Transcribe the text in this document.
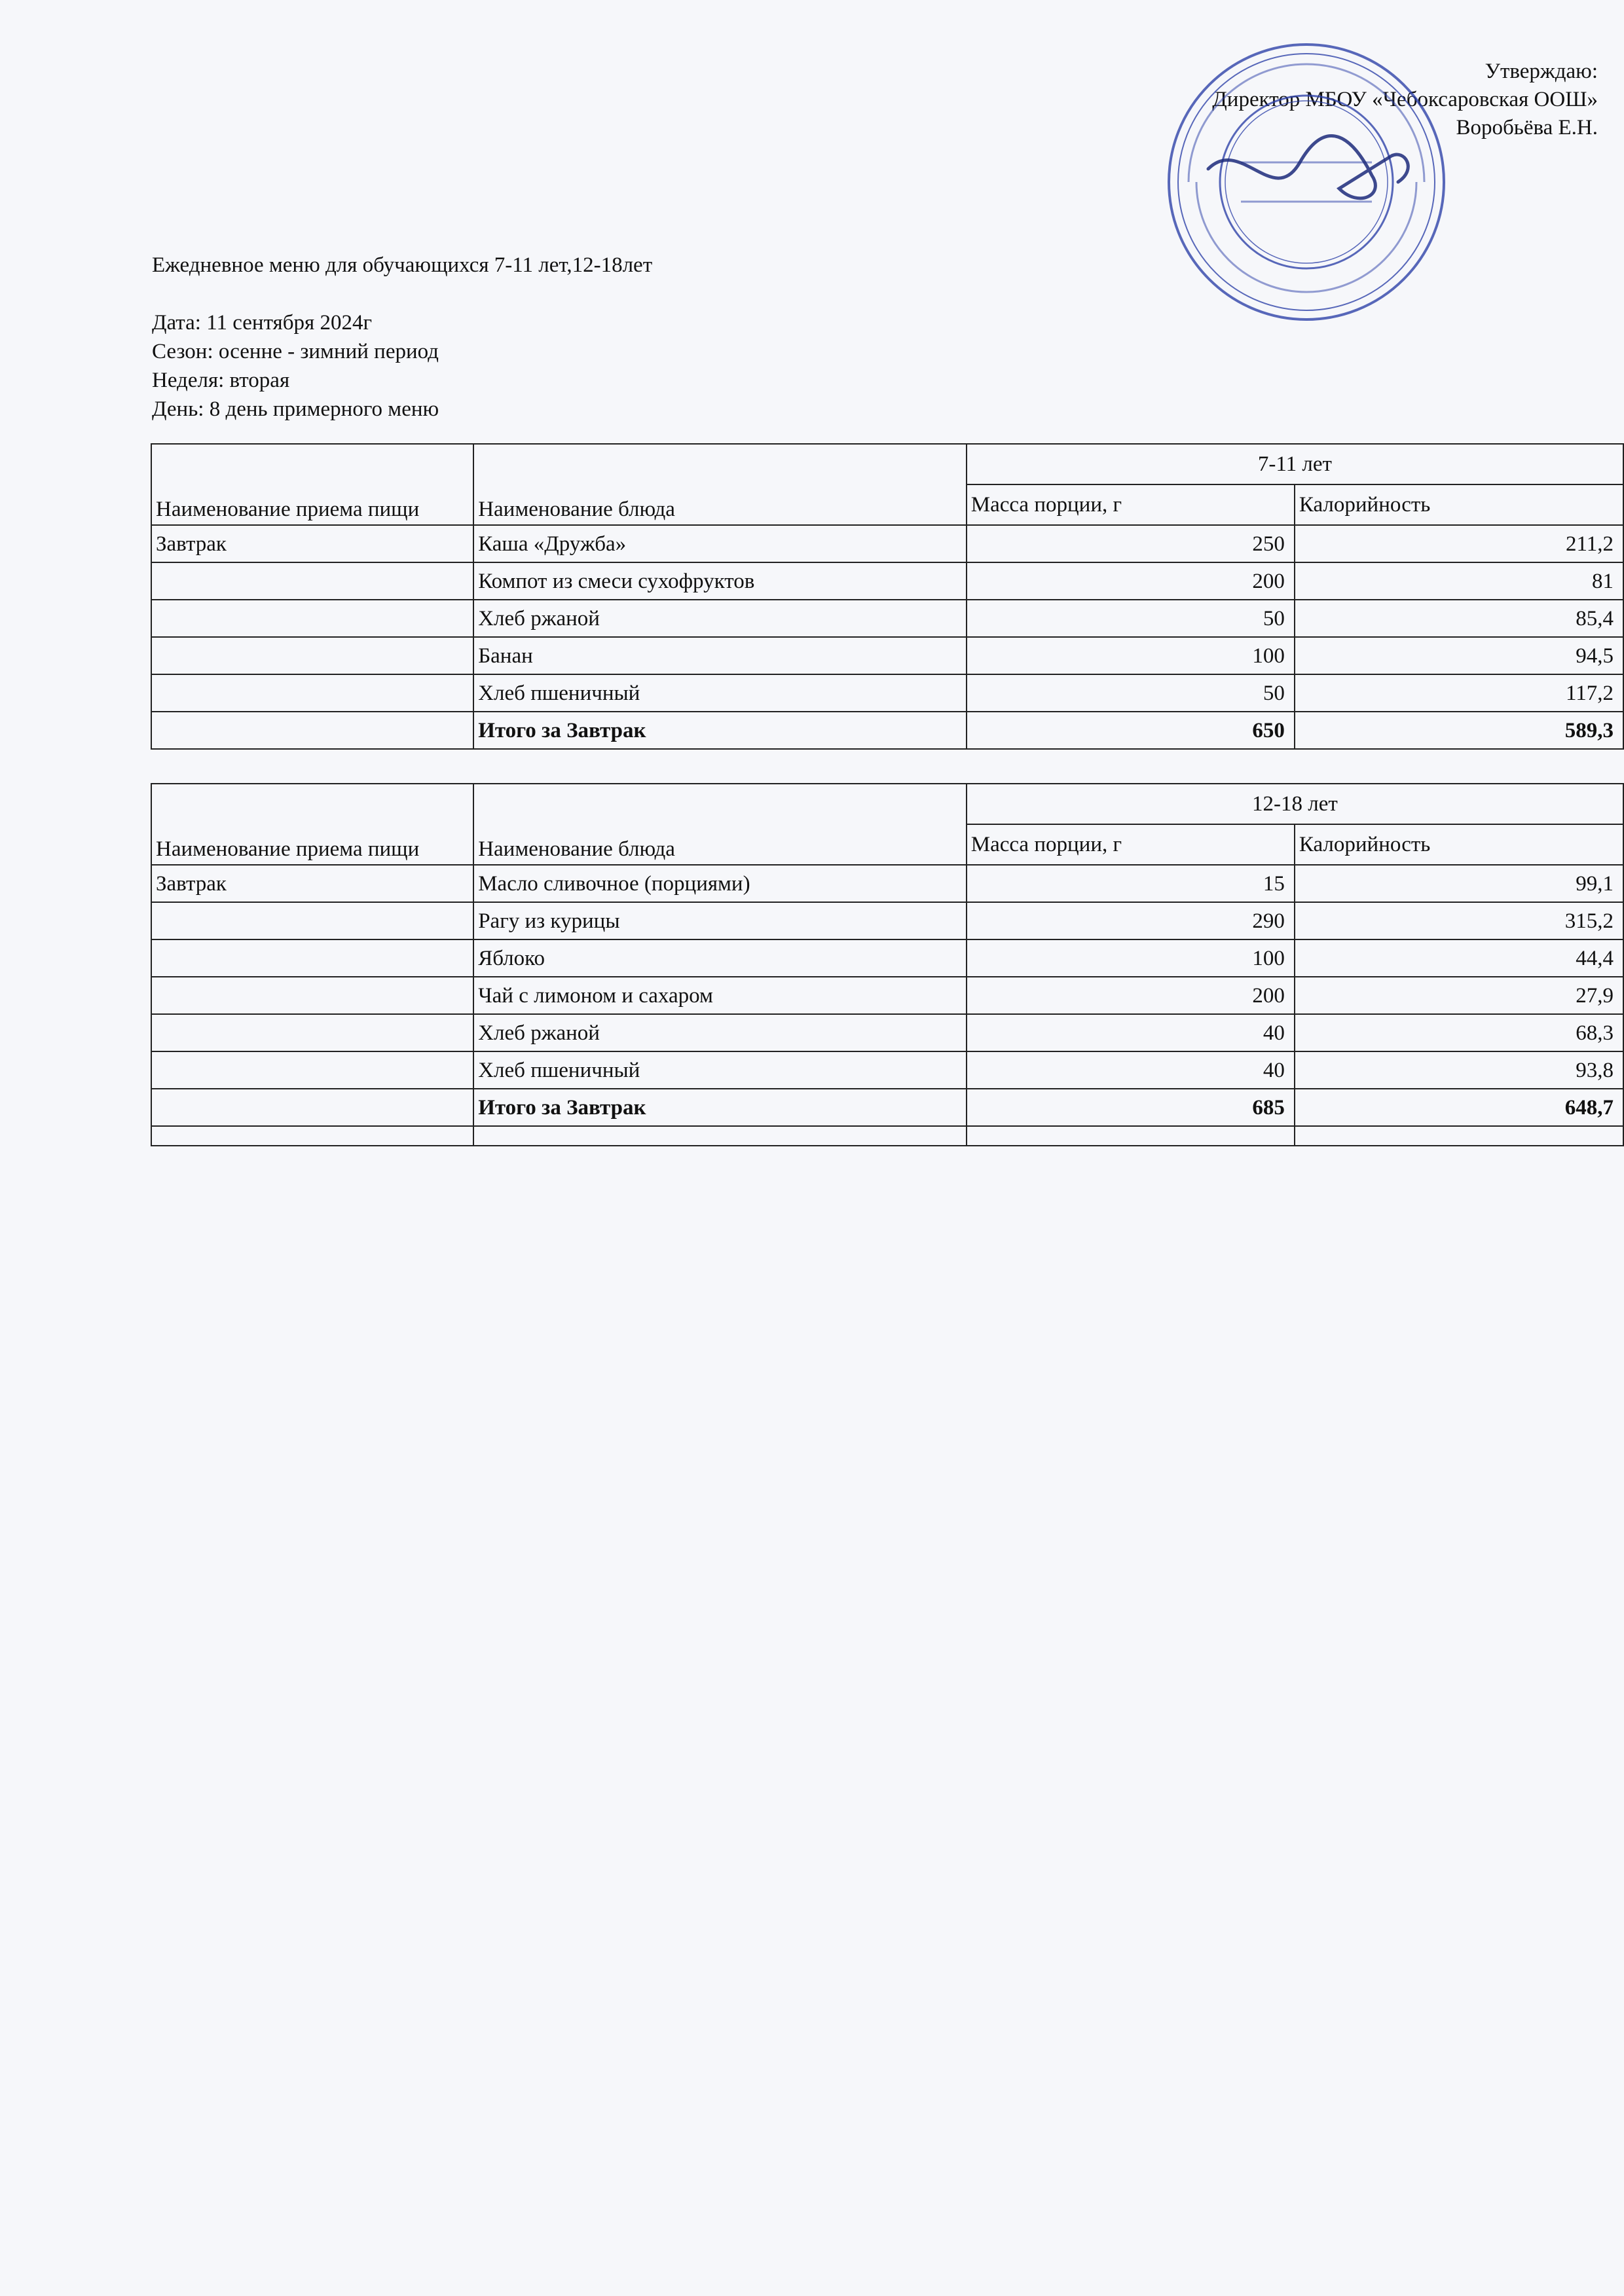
Утверждаю:
Директор МБОУ «Чебоксаровская ООШ»
Воробьёва Е.Н.
Ежедневное меню для обучающихся 7-11 лет,12-18лет
Дата: 11 сентября 2024г
Сезон: осенне - зимний период
Неделя: вторая
День: 8 день примерного меню
Наименование приема пищи	Наименование блюда	7-11 лет	
		Масса порции, г	Калорийность
Завтрак	Каша «Дружба»	250	211,2
	Компот из смеси сухофруктов	200	81
	Хлеб ржаной	50	85,4
	Банан	100	94,5
	Хлеб пшеничный	50	117,2
	Итого за Завтрак	650	589,3
Наименование приема пищи	Наименование блюда	12-18 лет	
		Масса порции, г	Калорийность
Завтрак	Масло сливочное (порциями)	15	99,1
	Рагу из курицы	290	315,2
	Яблоко	100	44,4
	Чай с лимоном и сахаром	200	27,9
	Хлеб ржаной	40	68,3
	Хлеб пшеничный	40	93,8
	Итого за Завтрак	685	648,7
